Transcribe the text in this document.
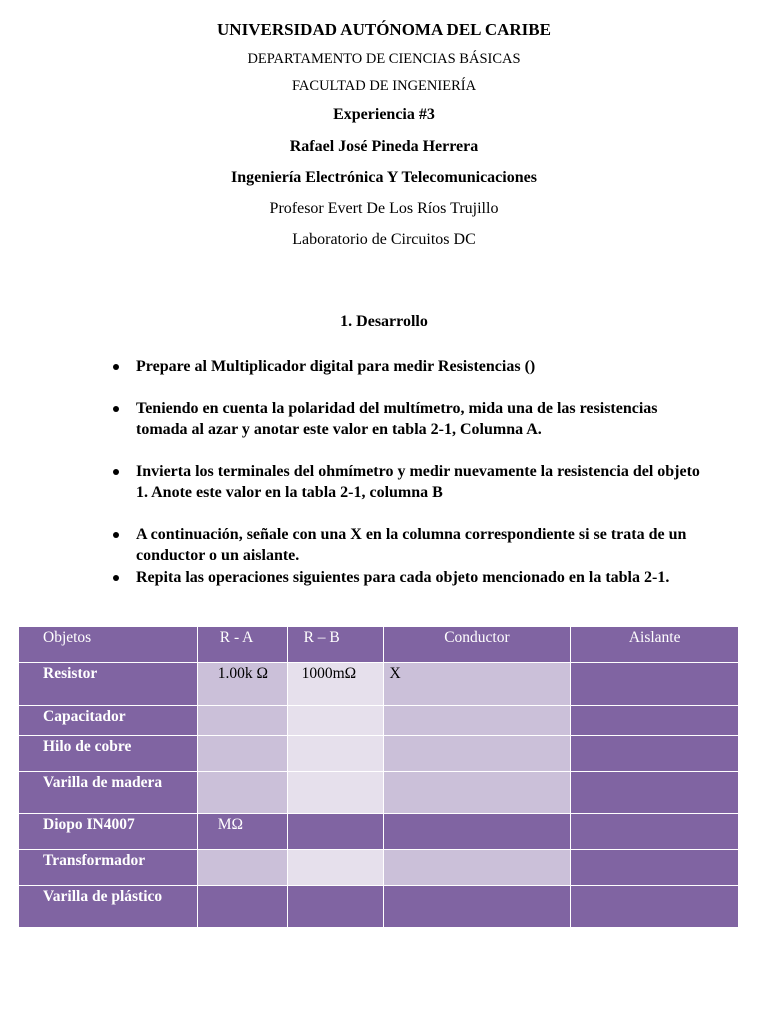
UNIVERSIDAD AUTÓNOMA DEL CARIBE
DEPARTAMENTO DE CIENCIAS BÁSICAS
FACULTAD DE INGENIERÍA
Experiencia #3
Rafael José Pineda Herrera
Ingeniería Electrónica Y Telecomunicaciones
Profesor Evert De Los Ríos Trujillo
Laboratorio de Circuitos DC
1. Desarrollo
Prepare al Multiplicador digital para medir Resistencias ()
Teniendo en cuenta la polaridad del multímetro, mida una de las resistencias tomada al azar y anotar este valor en tabla 2-1, Columna A.
Invierta los terminales del ohmímetro y medir nuevamente la resistencia del objeto 1. Anote este valor en la tabla 2-1, columna B
A continuación, señale con una X en la columna correspondiente si se trata de un conductor o un aislante.
Repita las operaciones siguientes para cada objeto mencionado en la tabla 2-1.
Objetos	R - A	R – B	Conductor	Aislante
Resistor	1.00k Ω	1000mΩ	X	
Capacitador				
Hilo de cobre				
Varilla de madera				
Diopo IN4007	MΩ			
Transformador				
Varilla de plástico				
